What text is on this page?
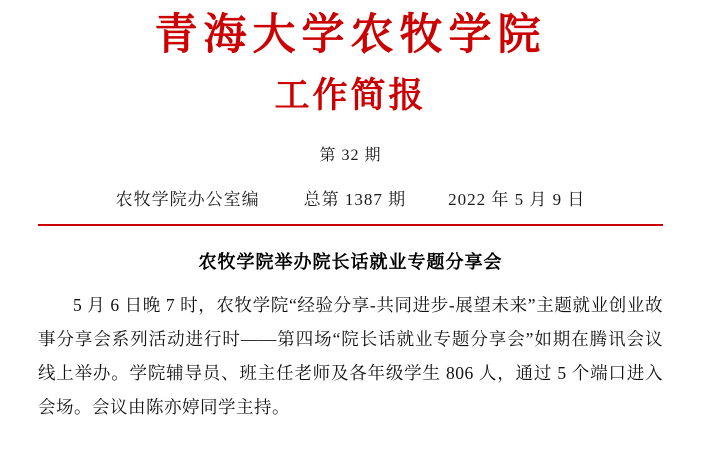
青海大学农牧学院
工作简报
第 32 期
农牧学院办公室编	总第 1387 期 2022 年 5 月 9 日
农牧学院举办院长话就业专题分享会
5 月 6 日晚 7 时，农牧学院“经验分享-共同进步-展望未来”主题就业创业故事分享会系列活动进行时——第四场“院长话就业专题分享会”如期在腾讯会议线上举办。学院辅导员、班主任老师及各年级学生 806 人，通过 5 个端口进入会场。会议由陈亦婷同学主持。
